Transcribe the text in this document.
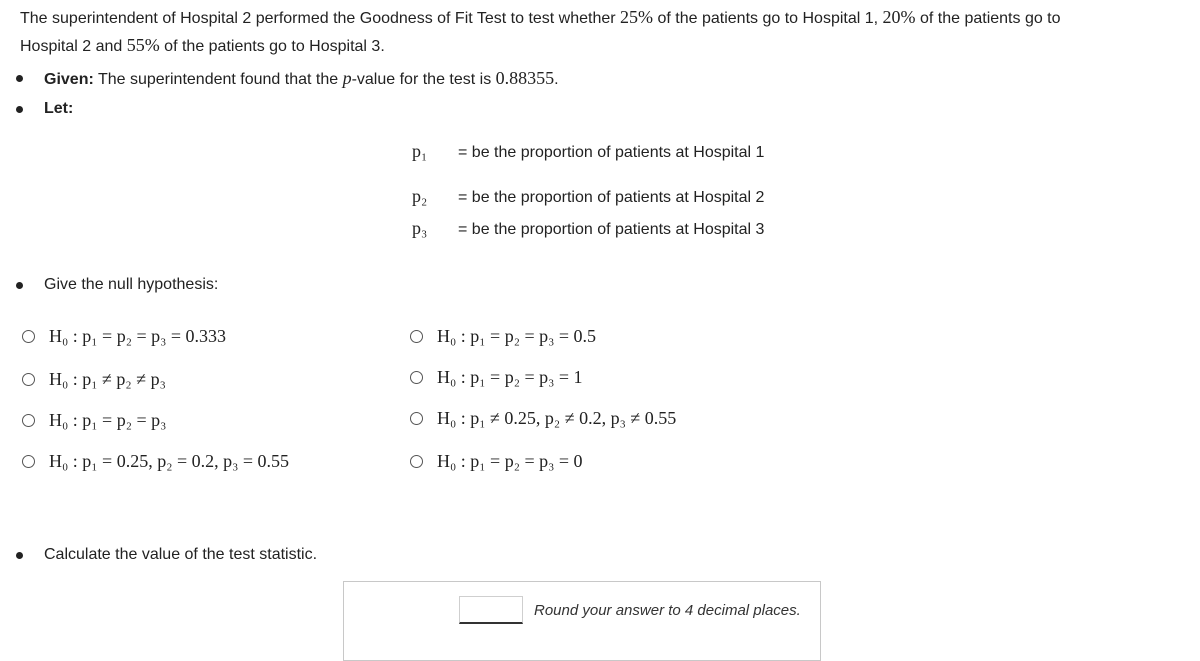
The superintendent of Hospital 2 performed the Goodness of Fit Test to test whether 25% of the patients go to Hospital 1, 20% of the patients go to
Hospital 2 and 55% of the patients go to Hospital 3.
Given: The superintendent found that the p-value for the test is 0.88355.
Let:
p₁	= be the proportion of patients at Hospital 1
p₂	= be the proportion of patients at Hospital 2
p₃	= be the proportion of patients at Hospital 3
Give the null hypothesis:
H₀ : p₁ = p₂ = p₃ = 0.333
H₀ : p₁ ≠ p₂ ≠ p₃
H₀ : p₁ = p₂ = p₃
H₀ : p₁ = 0.25, p₂ = 0.2, p₃ = 0.55
H₀ : p₁ = p₂ = p₃ = 0.5
H₀ : p₁ = p₂ = p₃ = 1
H₀ : p₁ ≠ 0.25, p₂ ≠ 0.2, p₃ ≠ 0.55
H₀ : p₁ = p₂ = p₃ = 0
Calculate the value of the test statistic.
Round your answer to 4 decimal places.
